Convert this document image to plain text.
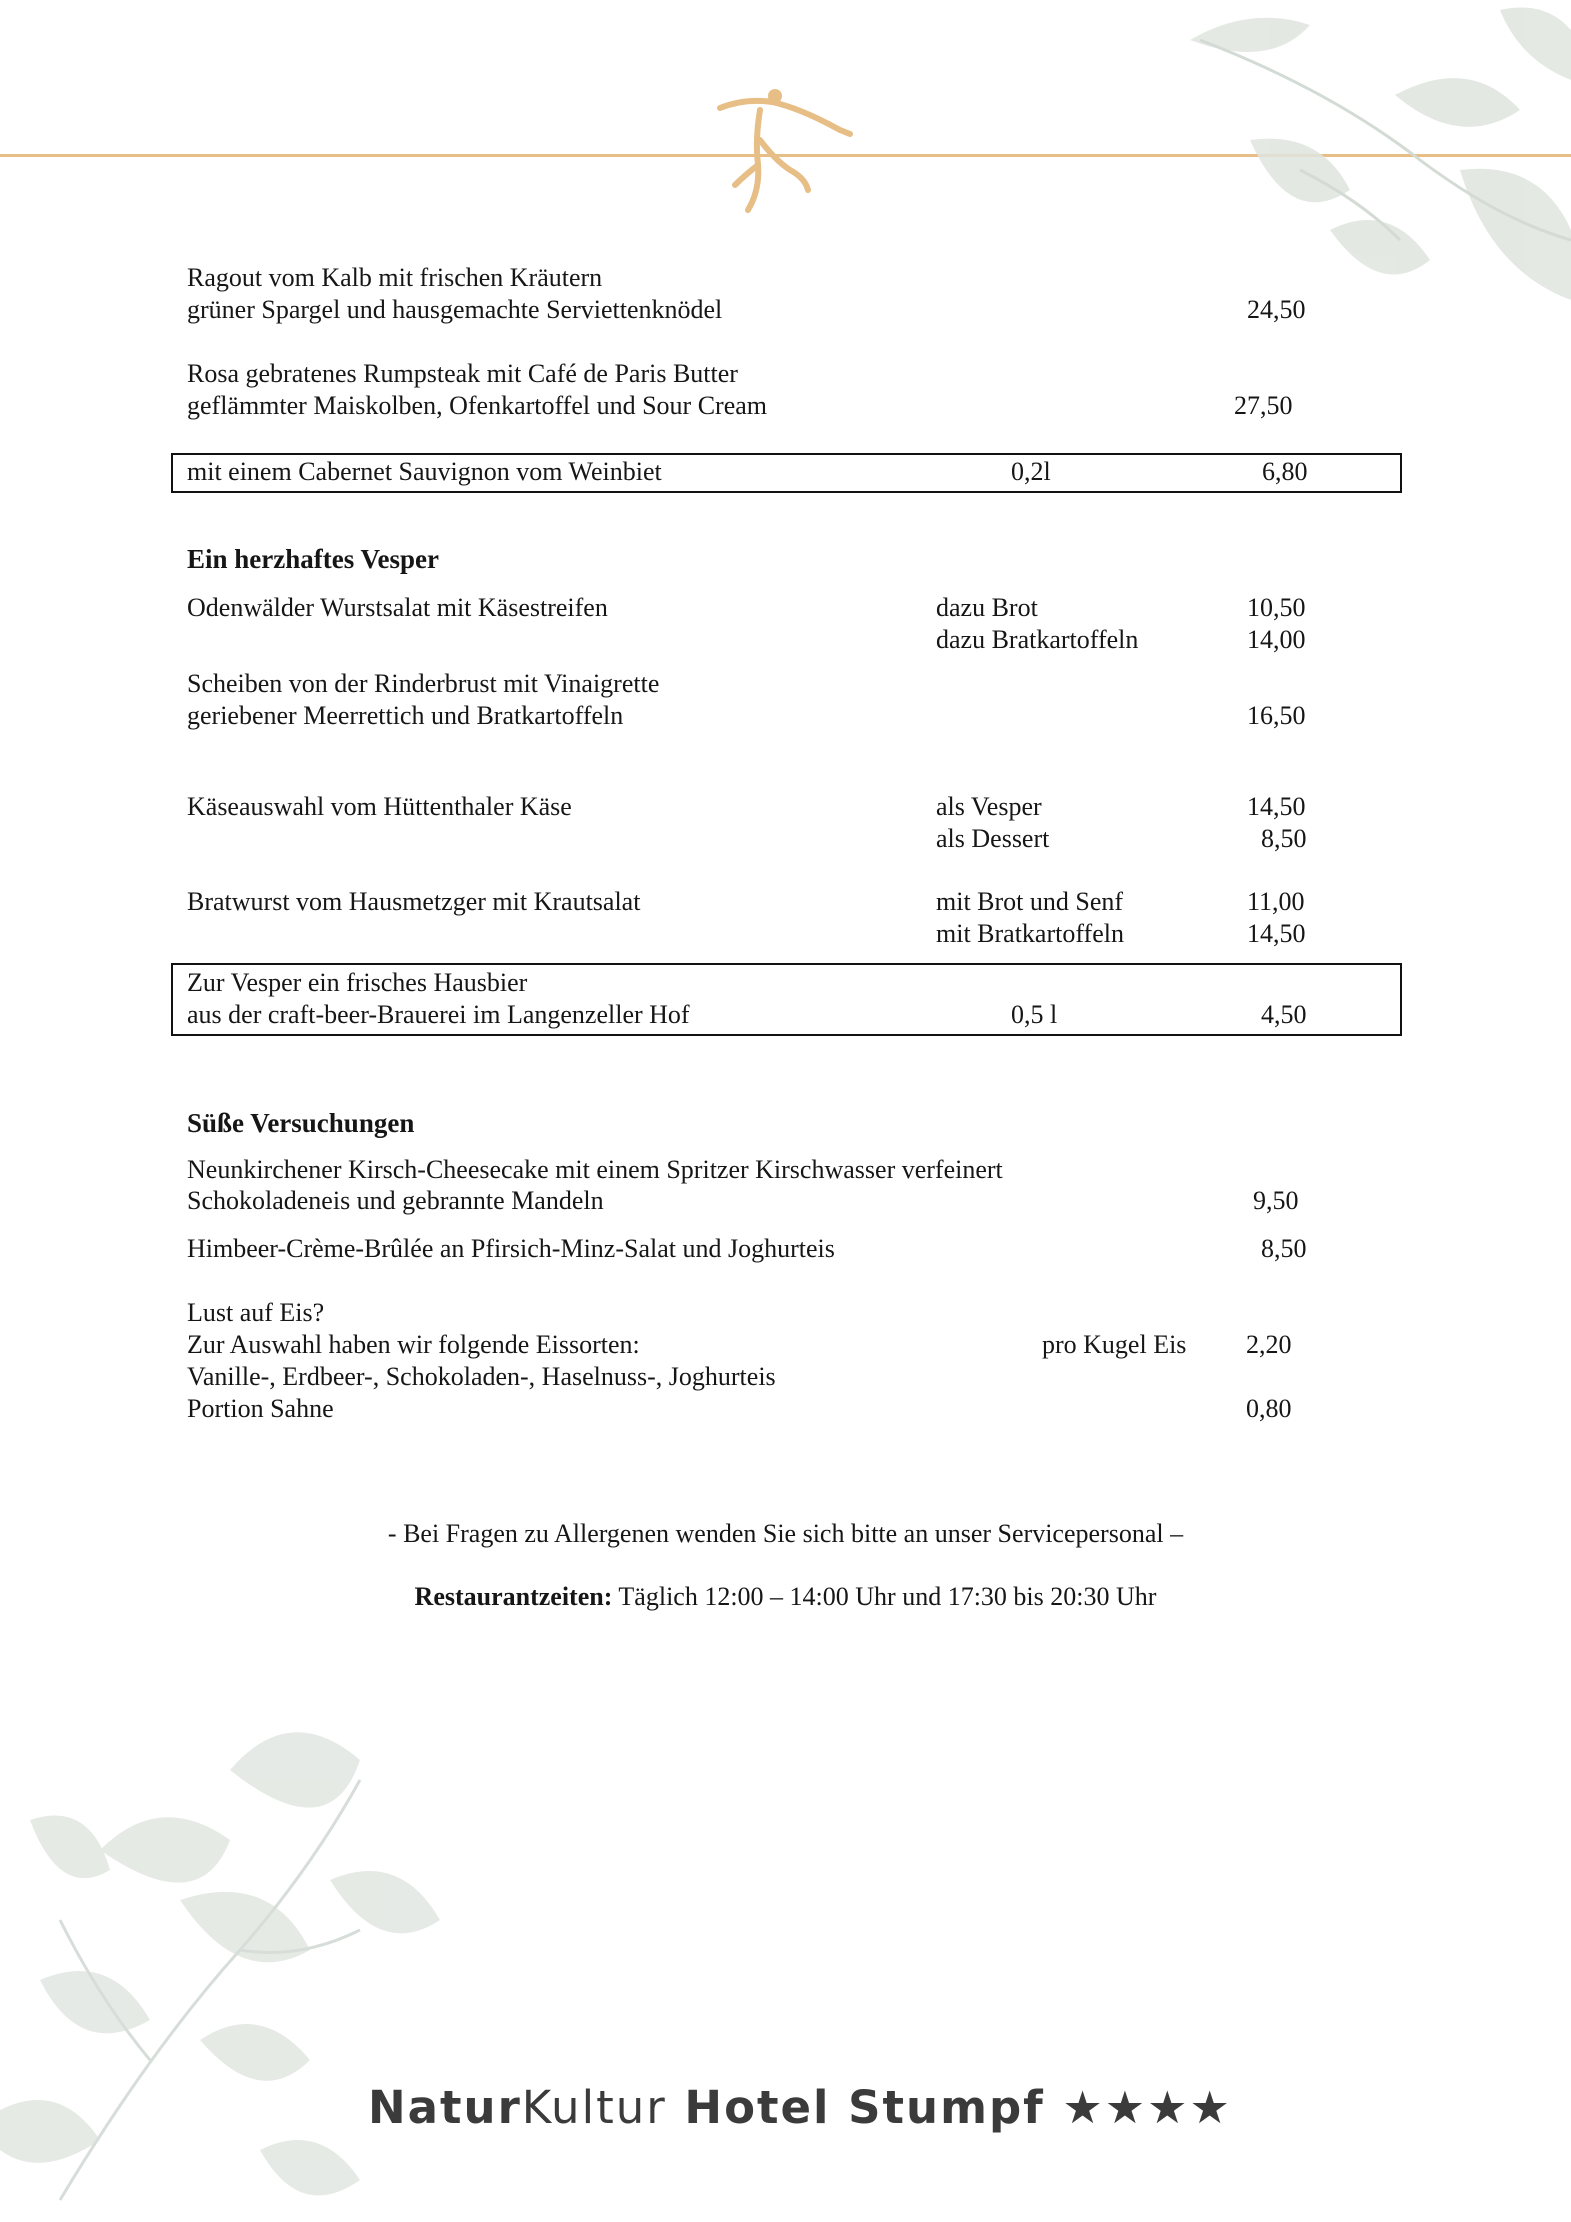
Ragout vom Kalb mit frischen Kräutern
grüner Spargel und hausgemachte Serviettenknödel	24,50
Rosa gebratenes Rumpsteak mit Café de Paris Butter
geflämmter Maiskolben, Ofenkartoffel und Sour Cream	27,50
mit einem Cabernet Sauvignon vom Weinbiet	0,2l	6,80
Ein herzhaftes Vesper
Odenwälder Wurstsalat mit Käsestreifen	dazu Brot	10,50
dazu Bratkartoffeln	14,00
Scheiben von der Rinderbrust mit Vinaigrette
geriebener Meerrettich und Bratkartoffeln	16,50
Käseauswahl vom Hüttenthaler Käse	als Vesper	14,50
als Dessert	8,50
Bratwurst vom Hausmetzger mit Krautsalat	mit Brot und Senf	11,00
mit Bratkartoffeln	14,50
Zur Vesper ein frisches Hausbier
aus der craft-beer-Brauerei im Langenzeller Hof	0,5 l	4,50
Süße Versuchungen
Neunkirchener Kirsch-Cheesecake mit einem Spritzer Kirschwasser verfeinert
Schokoladeneis und gebrannte Mandeln	9,50
Himbeer-Crème-Brûlée an Pfirsich-Minz-Salat und Joghurteis	8,50
Lust auf Eis?
Zur Auswahl haben wir folgende Eissorten:	pro Kugel Eis 2,20
Vanille-, Erdbeer-, Schokoladen-, Haselnuss-, Joghurteis
Portion Sahne	0,80
- Bei Fragen zu Allergenen wenden Sie sich bitte an unser Servicepersonal –
Restaurantzeiten: Täglich 12:00 – 14:00 Uhr und 17:30 bis 20:30 Uhr
NaturKultur Hotel Stumpf ★★★★
